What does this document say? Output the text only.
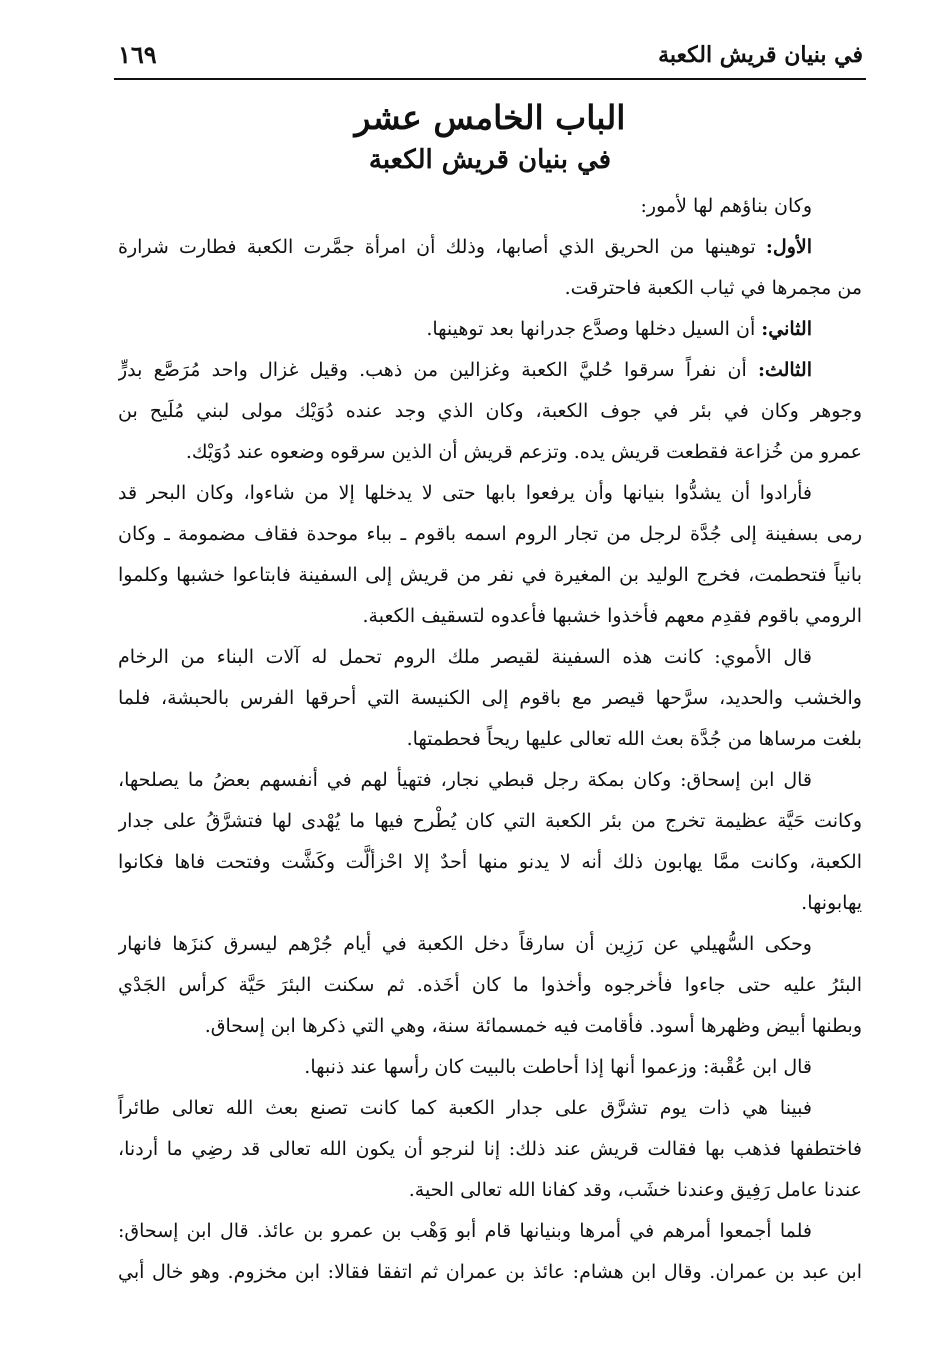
في بنيان قريش الكعبة
١٦٩
الباب الخامس عشر
في بنيان قريش الكعبة
وكان بناؤهم لها لأمور:
الأول: توهينها من الحريق الذي أصابها، وذلك أن امرأة جمَّرت الكعبة فطارت شرارة
من مجمرها في ثياب الكعبة فاحترقت.
الثاني: أن السيل دخلها وصدَّع جدرانها بعد توهينها.
الثالث: أن نفراً سرقوا حُليَّ الكعبة وغزالين من ذهب. وقيل غزال واحد مُرَصَّع بدرٍّ
وجوهر وكان في بئر في جوف الكعبة، وكان الذي وجد عنده دُوَيْك مولى لبني مُلَيح بن
عمرو من خُزاعة فقطعت قريش يده. وتزعم قريش أن الذين سرقوه وضعوه عند دُوَيْك.
فأرادوا أن يشدُّوا بنيانها وأن يرفعوا بابها حتى لا يدخلها إلا من شاءوا، وكان البحر قد
رمى بسفينة إلى جُدَّة لرجل من تجار الروم اسمه باقوم ـ بباء موحدة فقاف مضمومة ـ وكان
بانياً فتحطمت، فخرج الوليد بن المغيرة في نفر من قريش إلى السفينة فابتاعوا خشبها وكلموا
الرومي باقوم فقدِم معهم فأخذوا خشبها فأعدوه لتسقيف الكعبة.
قال الأموي: كانت هذه السفينة لقيصر ملك الروم تحمل له آلات البناء من الرخام
والخشب والحديد، سرَّحها قيصر مع باقوم إلى الكنيسة التي أحرقها الفرس بالحبشة، فلما
بلغت مرساها من جُدَّة بعث الله تعالى عليها ريحاً فحطمتها.
قال ابن إسحاق: وكان بمكة رجل قبطي نجار، فتهيأ لهم في أنفسهم بعضُ ما يصلحها،
وكانت حَيَّة عظيمة تخرج من بئر الكعبة التي كان يُطْرح فيها ما يُهْدى لها فتشرَّقُ على جدار
الكعبة، وكانت ممَّا يهابون ذلك أنه لا يدنو منها أحدٌ إلا احْزألَّت وكَشَّت وفتحت فاها فكانوا
يهابونها.
وحكى السُّهيلي عن رَزِين أن سارقاً دخل الكعبة في أيام جُرْهم ليسرق كنزَها فانهار
البئرُ عليه حتى جاءوا فأخرجوه وأخذوا ما كان أخَذه. ثم سكنت البئرَ حَيَّة كرأس الجَدْي
وبطنها أبيض وظهرها أسود. فأقامت فيه خمسمائة سنة، وهي التي ذكرها ابن إسحاق.
قال ابن عُقْبة: وزعموا أنها إذا أحاطت بالبيت كان رأسها عند ذنبها.
فبينا هي ذات يوم تشرَّق على جدار الكعبة كما كانت تصنع بعث الله تعالى طائراً
فاختطفها فذهب بها فقالت قريش عند ذلك: إنا لنرجو أن يكون الله تعالى قد رضِي ما أردنا،
عندنا عامل رَفِيق وعندنا خشَب، وقد كفانا الله تعالى الحية.
فلما أجمعوا أمرهم في أمرها وبنيانها قام أبو وَهْب بن عمرو بن عائذ. قال ابن إسحاق:
ابن عبد بن عمران. وقال ابن هشام: عائذ بن عمران ثم اتفقا فقالا: ابن مخزوم. وهو خال أبي
